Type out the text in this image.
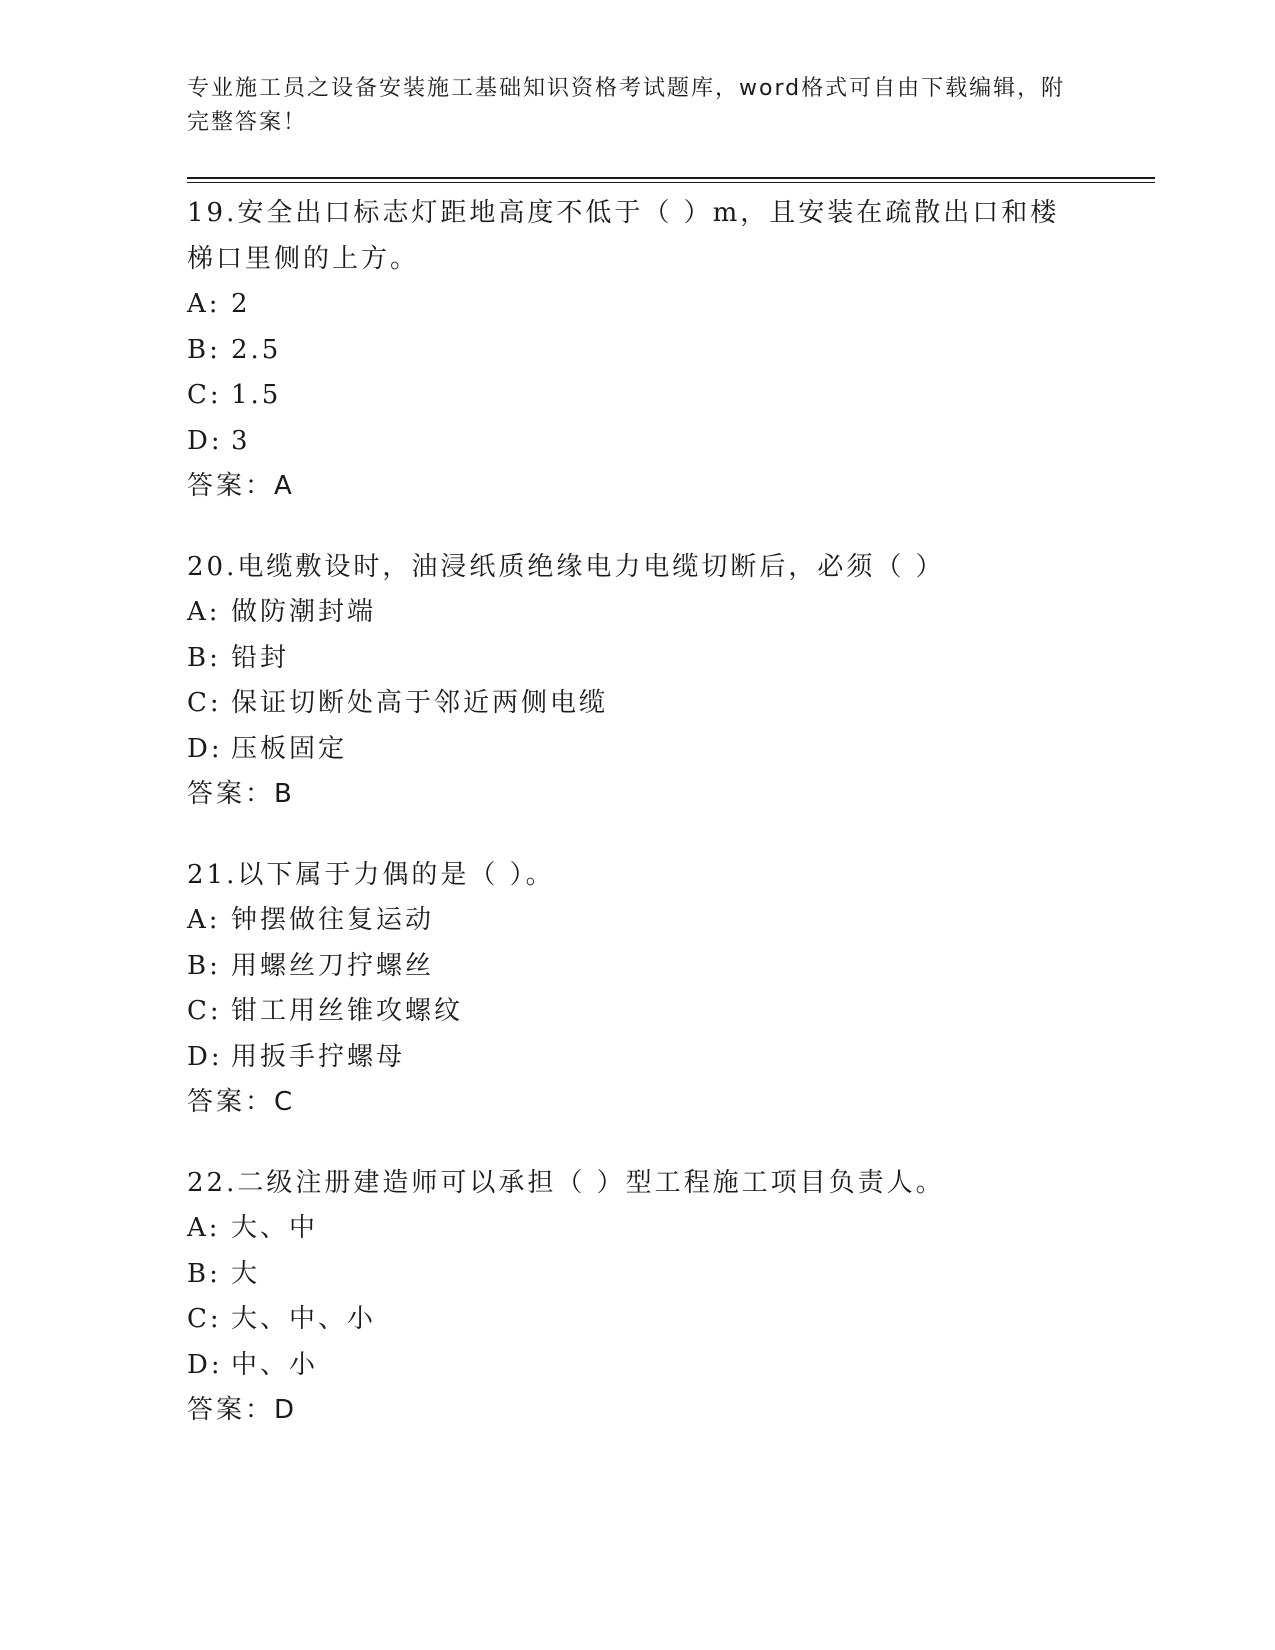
专业施工员之设备安装施工基础知识资格考试题库，word格式可自由下载编辑，附完整答案！
19.安全出口标志灯距地高度不低于（ ）m，且安装在疏散出口和楼梯口里侧的上方。
A: 2
B: 2.5
C: 1.5
D: 3
答案：A
20.电缆敷设时，油浸纸质绝缘电力电缆切断后，必须（ ）
A: 做防潮封端
B: 铅封
C: 保证切断处高于邻近两侧电缆
D: 压板固定
答案：B
21.以下属于力偶的是（ ）。
A: 钟摆做往复运动
B: 用螺丝刀拧螺丝
C: 钳工用丝锥攻螺纹
D: 用扳手拧螺母
答案：C
22.二级注册建造师可以承担（ ）型工程施工项目负责人。
A: 大、中
B: 大
C: 大、中、小
D: 中、小
答案：D
